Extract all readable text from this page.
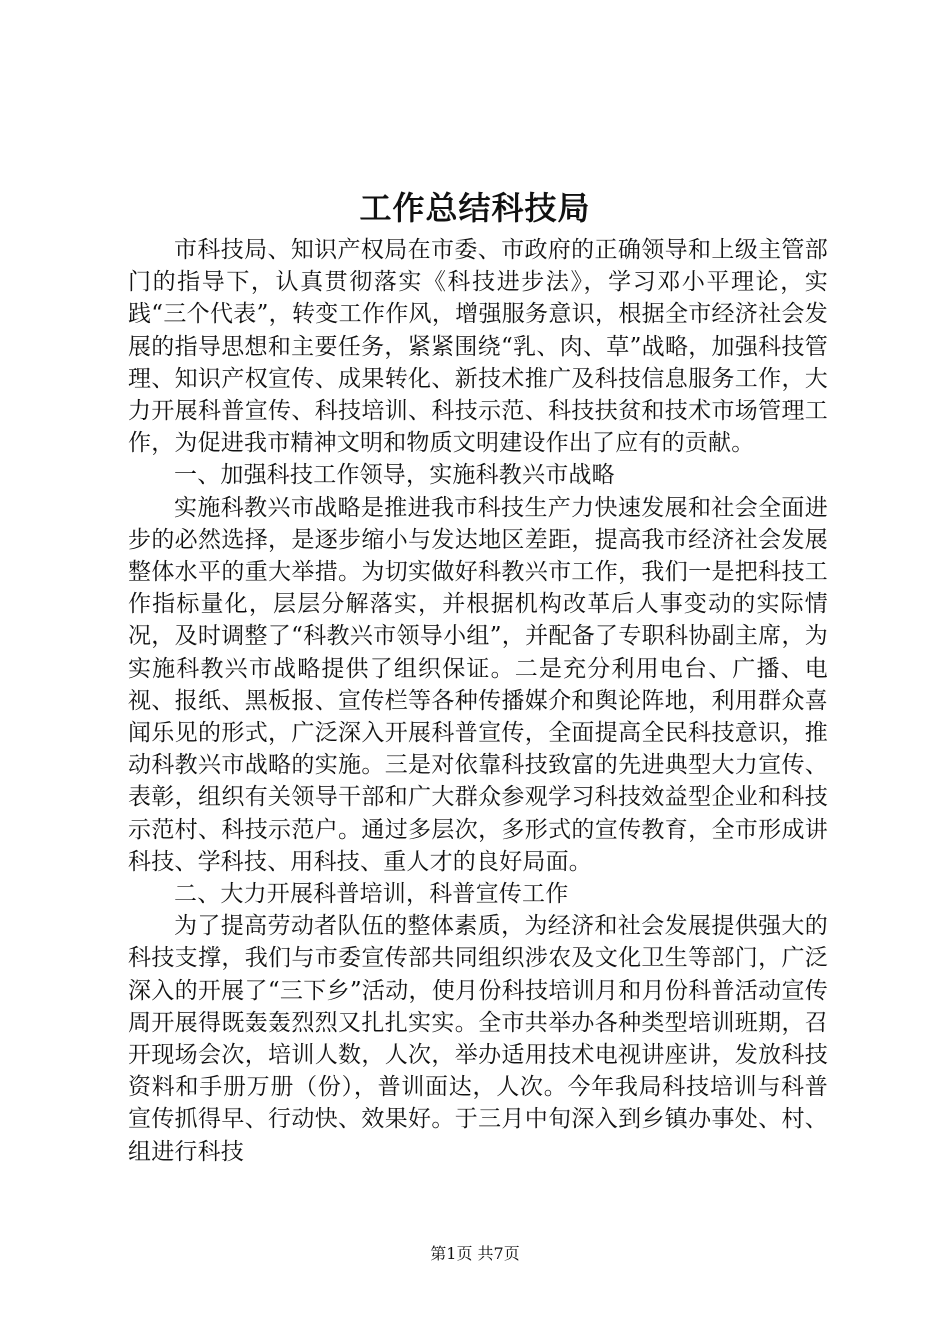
工作总结科技局

市科技局、知识产权局在市委、市政府的正确领导和上级主管部门的指导下，认真贯彻落实《科技进步法》，学习邓小平理论，实践“三个代表”，转变工作作风，增强服务意识，根据全市经济社会发展的指导思想和主要任务，紧紧围绕“乳、肉、草”战略，加强科技管理、知识产权宣传、成果转化、新技术推广及科技信息服务工作，大力开展科普宣传、科技培训、科技示范、科技扶贫和技术市场管理工作，为促进我市精神文明和物质文明建设作出了应有的贡献。

一、加强科技工作领导，实施科教兴市战略

实施科教兴市战略是推进我市科技生产力快速发展和社会全面进步的必然选择，是逐步缩小与发达地区差距，提高我市经济社会发展整体水平的重大举措。为切实做好科教兴市工作，我们一是把科技工作指标量化，层层分解落实，并根据机构改革后人事变动的实际情况，及时调整了“科教兴市领导小组”，并配备了专职科协副主席，为实施科教兴市战略提供了组织保证。二是充分利用电台、广播、电视、报纸、黑板报、宣传栏等各种传播媒介和舆论阵地，利用群众喜闻乐见的形式，广泛深入开展科普宣传，全面提高全民科技意识，推动科教兴市战略的实施。三是对依靠科技致富的先进典型大力宣传、表彰，组织有关领导干部和广大群众参观学习科技效益型企业和科技示范村、科技示范户。通过多层次，多形式的宣传教育，全市形成讲科技、学科技、用科技、重人才的良好局面。

二、大力开展科普培训，科普宣传工作

为了提高劳动者队伍的整体素质，为经济和社会发展提供强大的科技支撑，我们与市委宣传部共同组织涉农及文化卫生等部门，广泛深入的开展了“三下乡”活动，使月份科技培训月和月份科普活动宣传周开展得既轰轰烈烈又扎扎实实。全市共举办各种类型培训班期，召开现场会次，培训人数，人次，举办适用技术电视讲座讲，发放科技资料和手册万册（份），普训面达，人次。今年我局科技培训与科普宣传抓得早、行动快、效果好。于三月中旬深入到乡镇办事处、村、组进行科技

第1页 共7页
